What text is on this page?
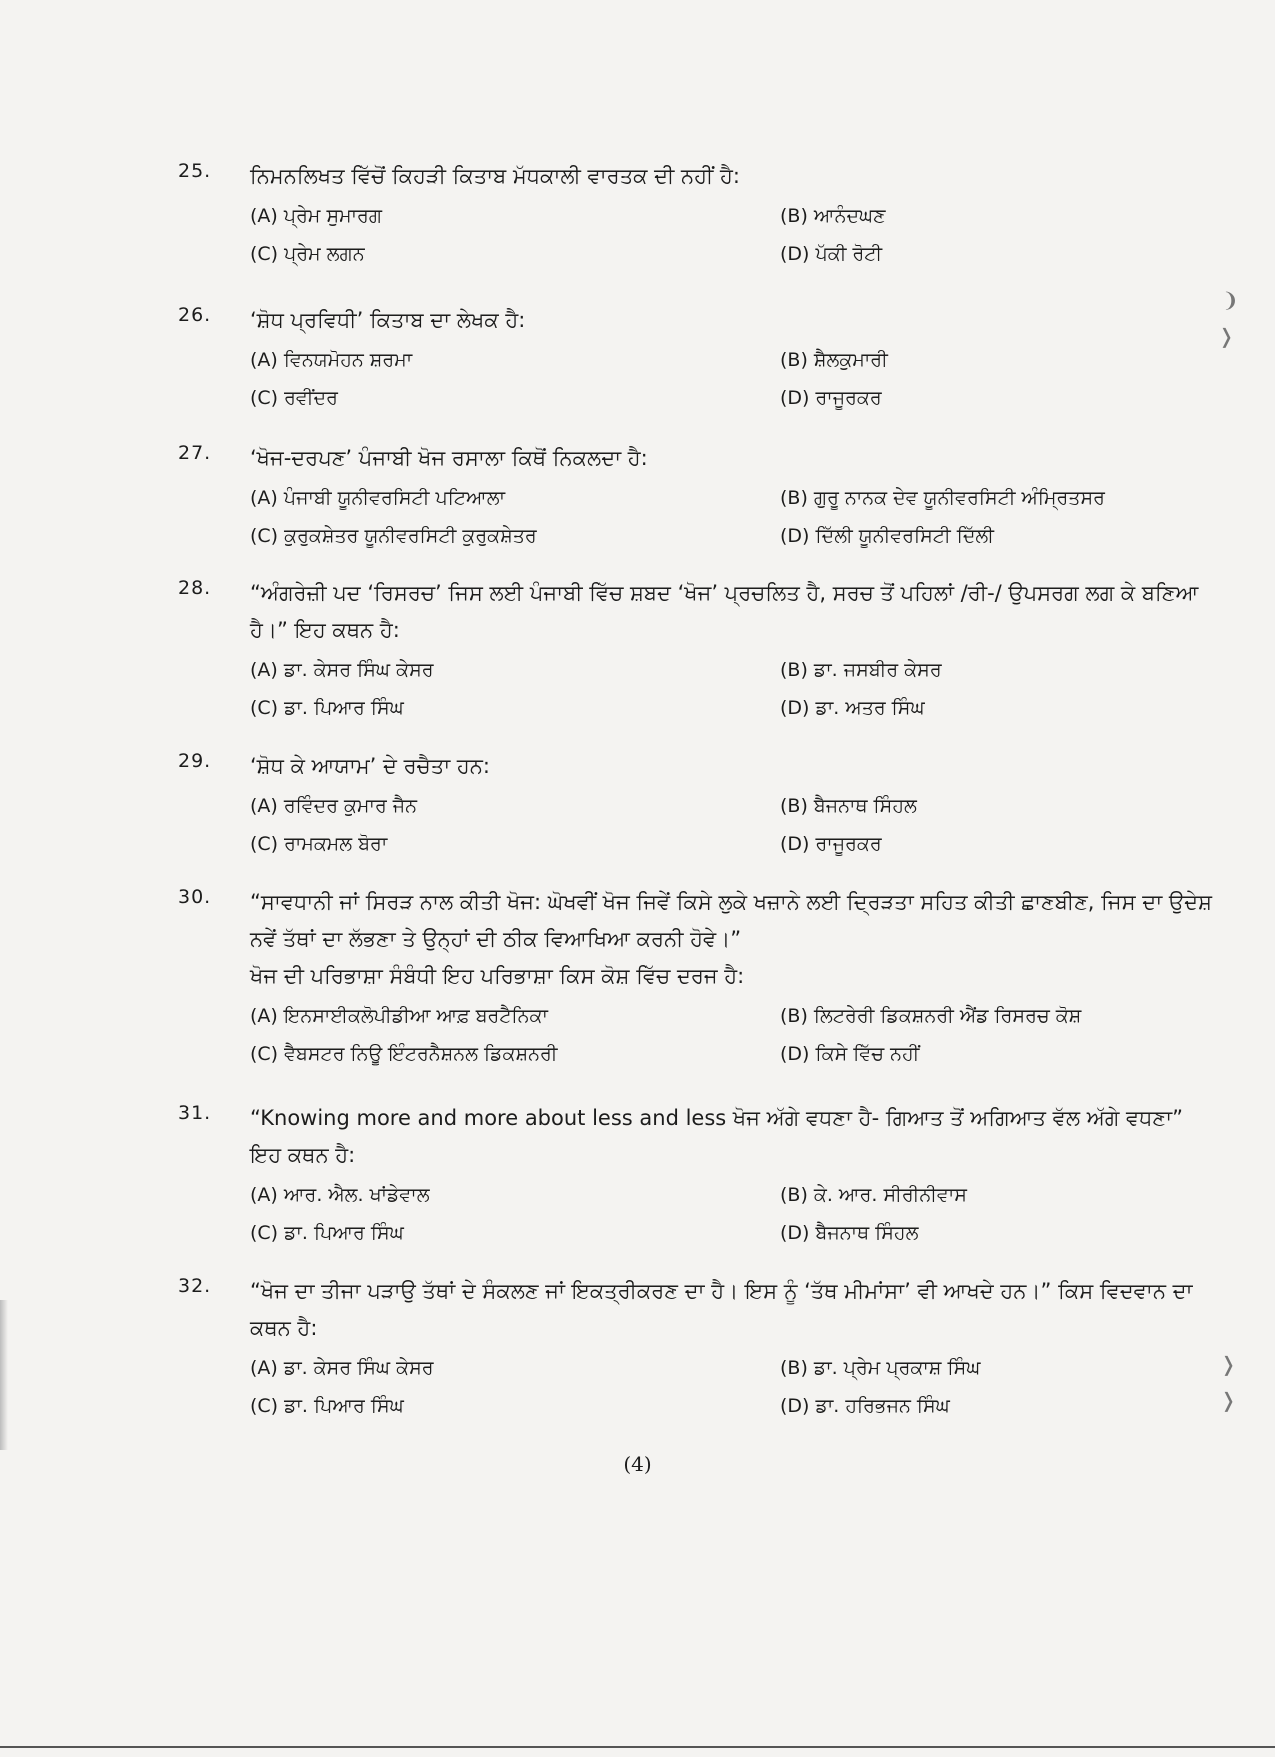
25. ਨਿਮਨਲਿਖਤ ਵਿੱਚੋਂ ਕਿਹੜੀ ਕਿਤਾਬ ਮੱਧਕਾਲੀ ਵਾਰਤਕ ਦੀ ਨਹੀਂ ਹੈ:
(A) ਪ੍ਰੇਮ ਸੁਮਾਰਗ	(B) ਆਨੰਦਘਣ
(C) ਪ੍ਰੇਮ ਲਗਨ	(D) ਪੱਕੀ ਰੋਟੀ
26. ‘ਸ਼ੋਧ ਪ੍ਰਵਿਧੀ’ ਕਿਤਾਬ ਦਾ ਲੇਖਕ ਹੈ:
(A) ਵਿਨਯਮੋਹਨ ਸ਼ਰਮਾ	(B) ਸ਼ੈਲਕੁਮਾਰੀ
(C) ਰਵੀਂਦਰ	(D) ਰਾਜੂਰਕਰ
27. ‘ਖੋਜ-ਦਰਪਣ’ ਪੰਜਾਬੀ ਖੋਜ ਰਸਾਲਾ ਕਿਥੋਂ ਨਿਕਲਦਾ ਹੈ:
(A) ਪੰਜਾਬੀ ਯੂਨੀਵਰਸਿਟੀ ਪਟਿਆਲਾ	(B) ਗੁਰੂ ਨਾਨਕ ਦੇਵ ਯੂਨੀਵਰਸਿਟੀ ਅੰਮ੍ਰਿਤਸਰ
(C) ਕੁਰੁਕਸ਼ੇਤਰ ਯੂਨੀਵਰਸਿਟੀ ਕੁਰੁਕਸ਼ੇਤਰ	(D) ਦਿੱਲੀ ਯੂਨੀਵਰਸਿਟੀ ਦਿੱਲੀ
28. “ਅੰਗਰੇਜ਼ੀ ਪਦ ‘ਰਿਸਰਚ’ ਜਿਸ ਲਈ ਪੰਜਾਬੀ ਵਿੱਚ ਸ਼ਬਦ ‘ਖੋਜ’ ਪ੍ਰਚਲਿਤ ਹੈ, ਸਰਚ ਤੋਂ ਪਹਿਲਾਂ /ਰੀ-/ ਉਪਸਰਗ ਲਗ ਕੇ ਬਣਿਆ ਹੈ।” ਇਹ ਕਥਨ ਹੈ:
(A) ਡਾ. ਕੇਸਰ ਸਿੰਘ ਕੇਸਰ	(B) ਡਾ. ਜਸਬੀਰ ਕੇਸਰ
(C) ਡਾ. ਪਿਆਰ ਸਿੰਘ	(D) ਡਾ. ਅਤਰ ਸਿੰਘ
29. ‘ਸ਼ੋਧ ਕੇ ਆਯਾਮ’ ਦੇ ਰਚੈਤਾ ਹਨ:
(A) ਰਵਿੰਦਰ ਕੁਮਾਰ ਜੈਨ	(B) ਬੈਜਨਾਥ ਸਿੰਹਲ
(C) ਰਾਮਕਮਲ ਬੋਰਾ	(D) ਰਾਜੂਰਕਰ
30. “ਸਾਵਧਾਨੀ ਜਾਂ ਸਿਰੜ ਨਾਲ ਕੀਤੀ ਖੋਜ: ਘੋਖਵੀਂ ਖੋਜ ਜਿਵੇਂ ਕਿਸੇ ਲੁਕੇ ਖਜ਼ਾਨੇ ਲਈ ਦ੍ਰਿੜਤਾ ਸਹਿਤ ਕੀਤੀ ਛਾਣਬੀਣ, ਜਿਸ ਦਾ ਉਦੇਸ਼ ਨਵੇਂ ਤੱਥਾਂ ਦਾ ਲੱਭਣਾ ਤੇ ਉਨ੍ਹਾਂ ਦੀ ਠੀਕ ਵਿਆਖਿਆ ਕਰਨੀ ਹੋਵੇ।”
ਖੋਜ ਦੀ ਪਰਿਭਾਸ਼ਾ ਸੰਬੰਧੀ ਇਹ ਪਰਿਭਾਸ਼ਾ ਕਿਸ ਕੋਸ਼ ਵਿੱਚ ਦਰਜ ਹੈ:
(A) ਇਨਸਾਈਕਲੋਪੀਡੀਆ ਆਫ਼ ਬਰਟੈਨਿਕਾ	(B) ਲਿਟਰੇਰੀ ਡਿਕਸ਼ਨਰੀ ਐਂਡ ਰਿਸਰਚ ਕੋਸ਼
(C) ਵੈਬਸਟਰ ਨਿਊ ਇੰਟਰਨੈਸ਼ਨਲ ਡਿਕਸ਼ਨਰੀ	(D) ਕਿਸੇ ਵਿੱਚ ਨਹੀਂ
31. “Knowing more and more about less and less ਖੋਜ ਅੱਗੇ ਵਧਣਾ ਹੈ- ਗਿਆਤ ਤੋਂ ਅਗਿਆਤ ਵੱਲ ਅੱਗੇ ਵਧਣਾ” ਇਹ ਕਥਨ ਹੈ:
(A) ਆਰ. ਐਲ. ਖਾਂਡੇਵਾਲ	(B) ਕੇ. ਆਰ. ਸੀਰੀਨੀਵਾਸ
(C) ਡਾ. ਪਿਆਰ ਸਿੰਘ	(D) ਬੈਜਨਾਥ ਸਿੰਹਲ
32. “ਖੋਜ ਦਾ ਤੀਜਾ ਪੜਾਉ ਤੱਥਾਂ ਦੇ ਸੰਕਲਣ ਜਾਂ ਇਕਤ੍ਰੀਕਰਣ ਦਾ ਹੈ। ਇਸ ਨੂੰ ‘ਤੱਥ ਮੀਮਾਂਸਾ’ ਵੀ ਆਖਦੇ ਹਨ।” ਕਿਸ ਵਿਦਵਾਨ ਦਾ ਕਥਨ ਹੈ:
(A) ਡਾ. ਕੇਸਰ ਸਿੰਘ ਕੇਸਰ	(B) ਡਾ. ਪ੍ਰੇਮ ਪ੍ਰਕਾਸ਼ ਸਿੰਘ
(C) ਡਾ. ਪਿਆਰ ਸਿੰਘ	(D) ਡਾ. ਹਰਿਭਜਨ ਸਿੰਘ
(4)
❩
❭
❭
❭
